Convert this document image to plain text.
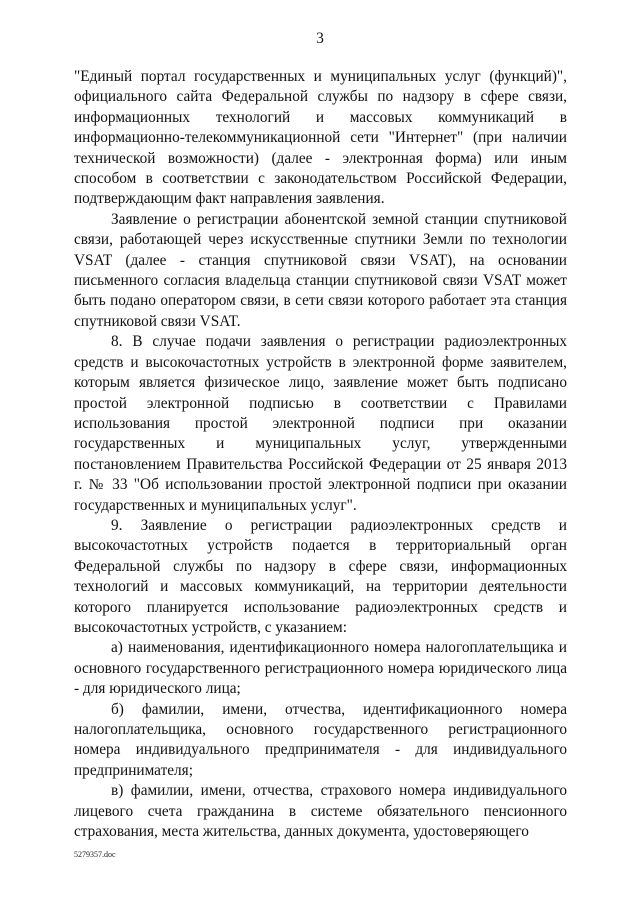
3

"Единый портал государственных и муниципальных услуг (функций)", официального сайта Федеральной службы по надзору в сфере связи, информационных технологий и массовых коммуникаций в информационно-телекоммуникационной сети "Интернет" (при наличии технической возможности) (далее - электронная форма) или иным способом в соответствии с законодательством Российской Федерации, подтверждающим факт направления заявления.

Заявление о регистрации абонентской земной станции спутниковой связи, работающей через искусственные спутники Земли по технологии VSAT (далее - станция спутниковой связи VSAT), на основании письменного согласия владельца станции спутниковой связи VSAT может быть подано оператором связи, в сети связи которого работает эта станция спутниковой связи VSAT.

8. В случае подачи заявления о регистрации радиоэлектронных средств и высокочастотных устройств в электронной форме заявителем, которым является физическое лицо, заявление может быть подписано простой электронной подписью в соответствии с Правилами использования простой электронной подписи при оказании государственных и муниципальных услуг, утвержденными постановлением Правительства Российской Федерации от 25 января 2013 г. № 33 "Об использовании простой электронной подписи при оказании государственных и муниципальных услуг".

9. Заявление о регистрации радиоэлектронных средств и высокочастотных устройств подается в территориальный орган Федеральной службы по надзору в сфере связи, информационных технологий и массовых коммуникаций, на территории деятельности которого планируется использование радиоэлектронных средств и высокочастотных устройств, с указанием:

а) наименования, идентификационного номера налогоплательщика и основного государственного регистрационного номера юридического лица - для юридического лица;

б) фамилии, имени, отчества, идентификационного номера налогоплательщика, основного государственного регистрационного номера индивидуального предпринимателя - для индивидуального предпринимателя;

в) фамилии, имени, отчества, страхового номера индивидуального лицевого счета гражданина в системе обязательного пенсионного страхования, места жительства, данных документа, удостоверяющего

5279357.doc
